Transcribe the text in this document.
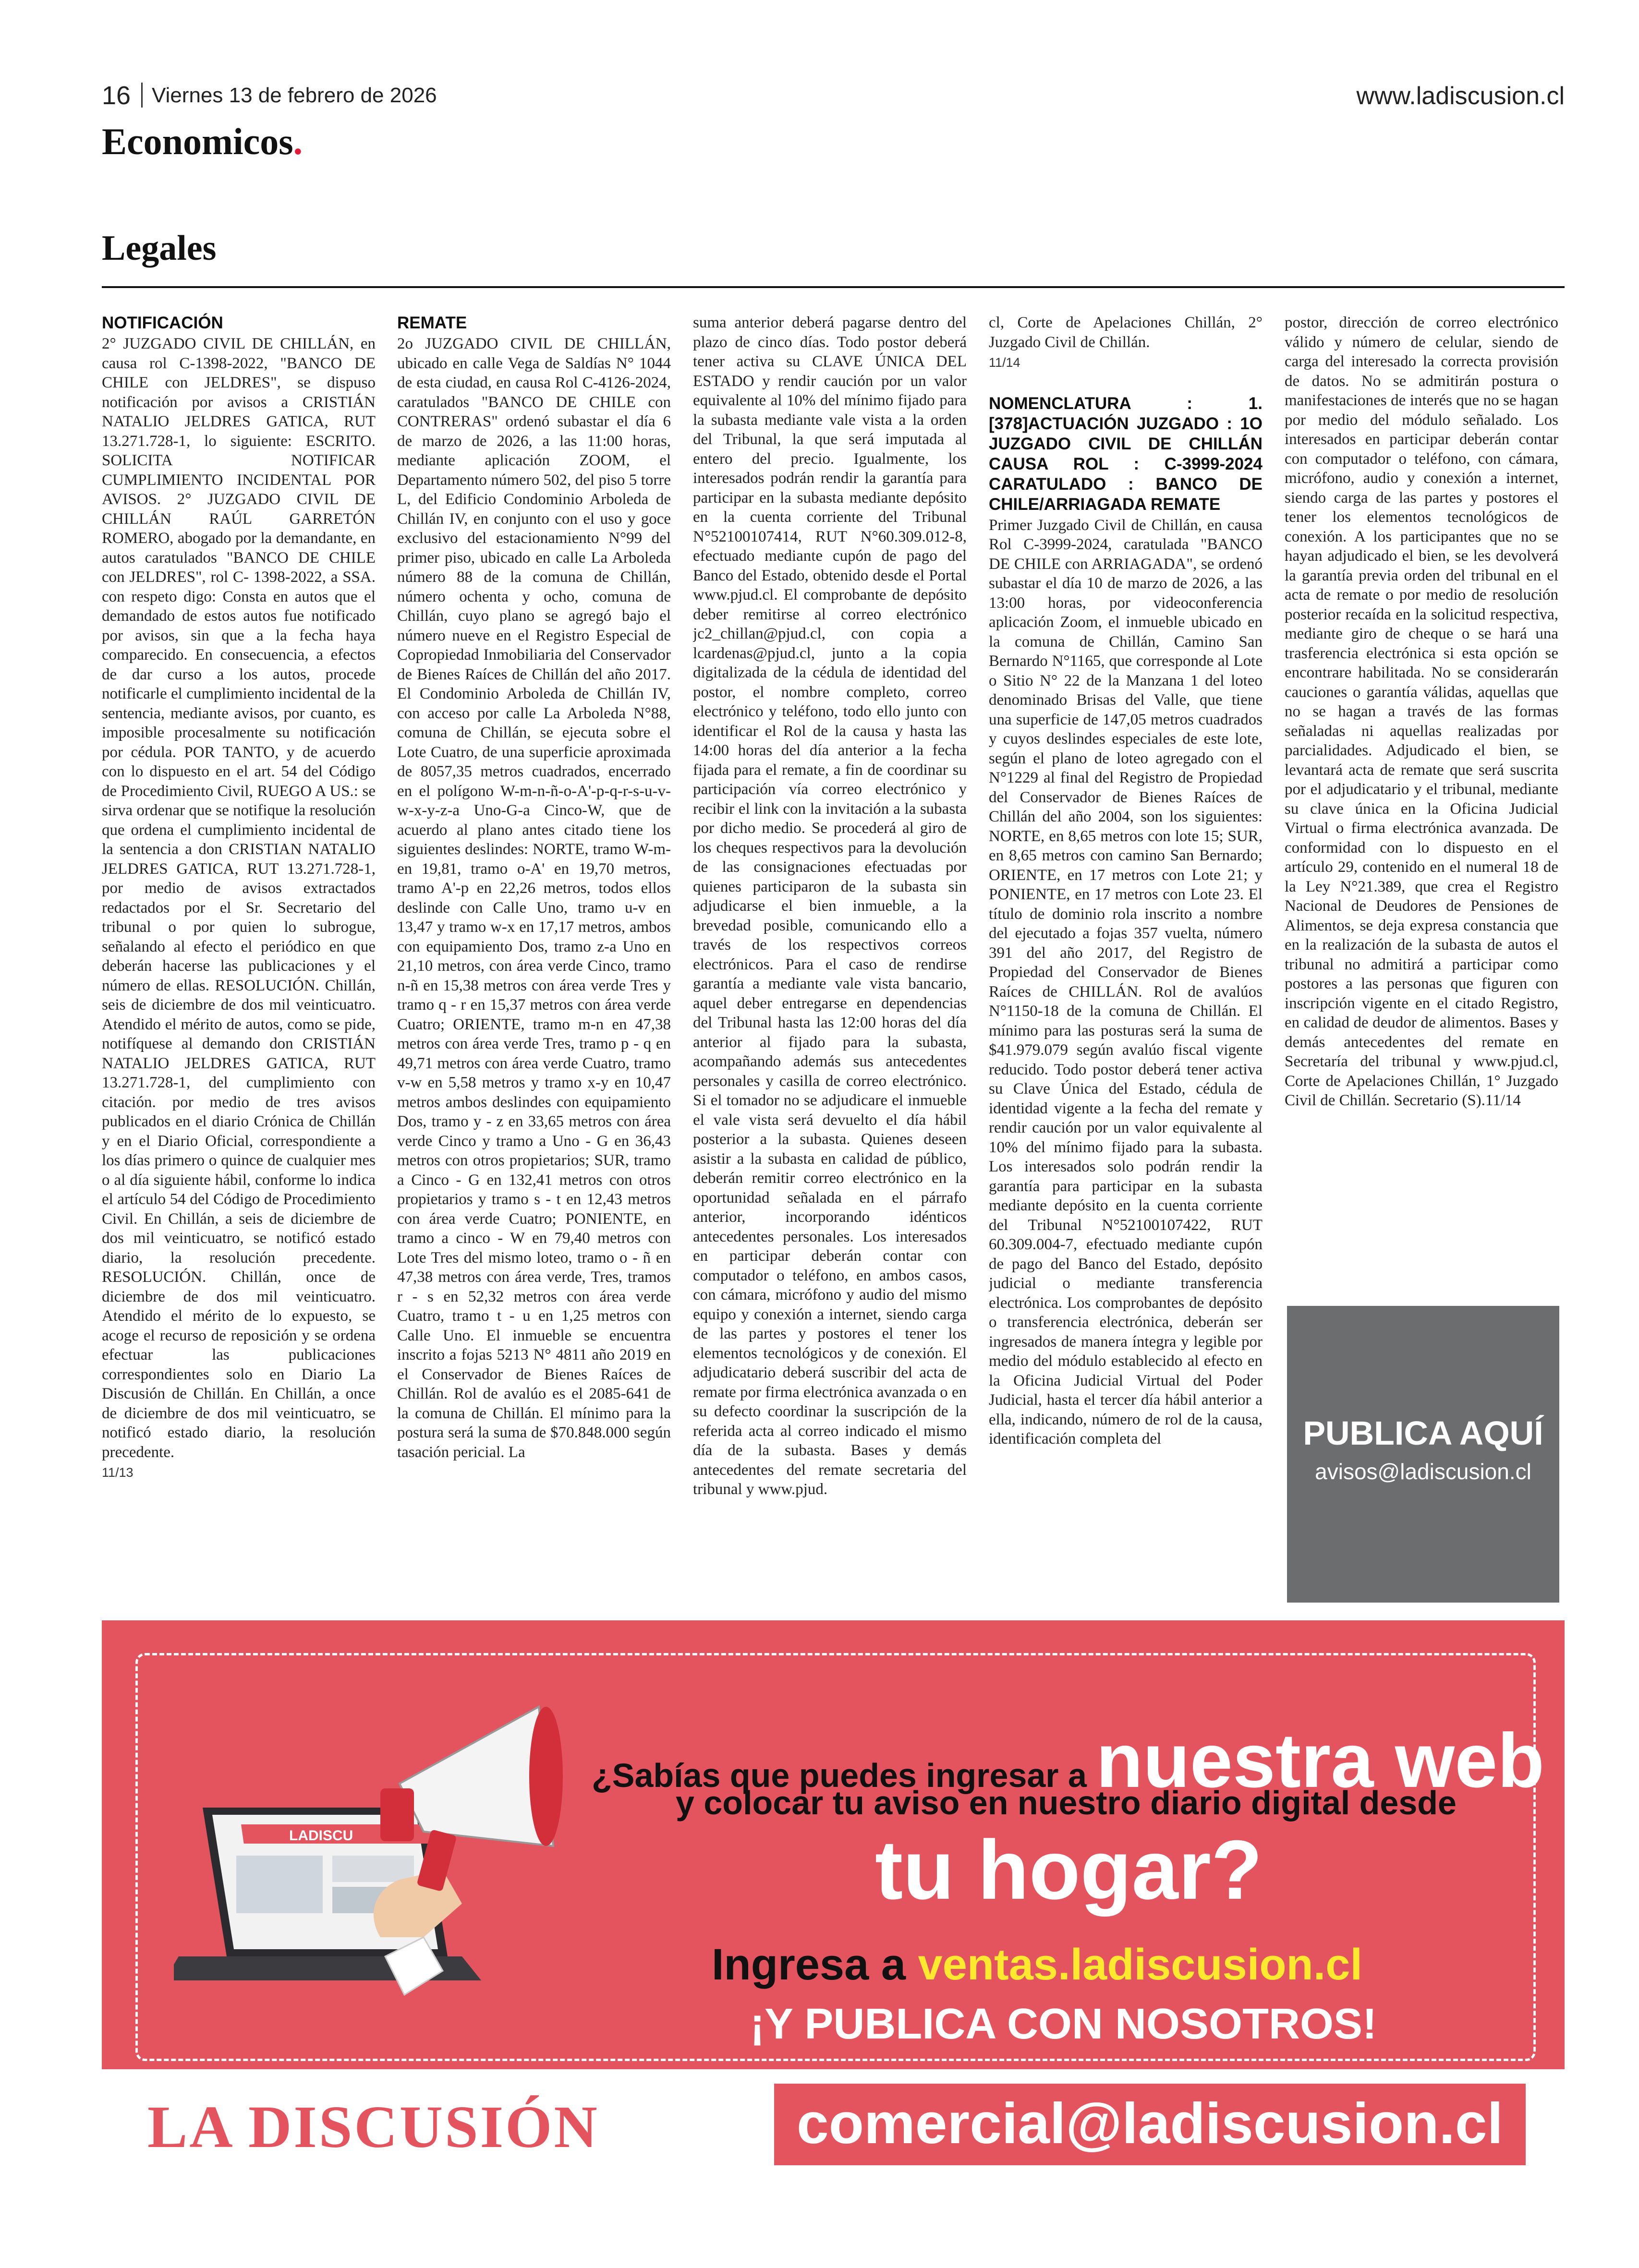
16 Viernes 13 de febrero de 2026	www.ladiscusion.cl
Economicos.
Legales

NOTIFICACIÓN

2° JUZGADO CIVIL DE CHILLÁN, en causa rol C-1398-2022, "BANCO DE CHILE con JELDRES", se dispuso notificación por avisos a CRISTIÁN NATALIO JELDRES GATICA, RUT 13.271.728-1, lo siguiente: ESCRITO. SOLICITA NOTIFICAR CUMPLIMIENTO INCIDENTAL POR AVISOS. 2° JUZGADO CIVIL DE CHILLÁN RAÚL GARRETÓN ROMERO, abogado por la demandante, en autos caratulados "BANCO DE CHILE con JELDRES", rol C- 1398-2022, a SSA. con respeto digo: Consta en autos que el demandado de estos autos fue notificado por avisos, sin que a la fecha haya comparecido. En consecuencia, a efectos de dar curso a los autos, procede notificarle el cumplimiento incidental de la sentencia, mediante avisos, por cuanto, es imposible procesalmente su notificación por cédula. POR TANTO, y de acuerdo con lo dispuesto en el art. 54 del Código de Procedimiento Civil, RUEGO A US.: se sirva ordenar que se notifique la resolución que ordena el cumplimiento incidental de la sentencia a don CRISTIAN NATALIO JELDRES GATICA, RUT 13.271.728-1, por medio de avisos extractados redactados por el Sr. Secretario del tribunal o por quien lo subrogue, señalando al efecto el periódico en que deberán hacerse las publicaciones y el número de ellas. RESOLUCIÓN. Chillán, seis de diciembre de dos mil veinticuatro. Atendido el mérito de autos, como se pide, notifíquese al demando don CRISTIÁN NATALIO JELDRES GATICA, RUT 13.271.728-1, del cumplimiento con citación. por medio de tres avisos publicados en el diario Crónica de Chillán y en el Diario Oficial, correspondiente a los días primero o quince de cualquier mes o al día siguiente hábil, conforme lo indica el artículo 54 del Código de Procedimiento Civil. En Chillán, a seis de diciembre de dos mil veinticuatro, se notificó estado diario, la resolución precedente. RESOLUCIÓN. Chillán, once de diciembre de dos mil veinticuatro. Atendido el mérito de lo expuesto, se acoge el recurso de reposición y se ordena efectuar las publicaciones correspondientes solo en Diario La Discusión de Chillán. En Chillán, a once de diciembre de dos mil veinticuatro, se notificó estado diario, la resolución precedente.

11/13

REMATE

2o JUZGADO CIVIL DE CHILLÁN, ubicado en calle Vega de Saldías N° 1044 de esta ciudad, en causa Rol C-4126-2024, caratulados "BANCO DE CHILE con CONTRERAS" ordenó subastar el día 6 de marzo de 2026, a las 11:00 horas, mediante aplicación ZOOM, el Departamento número 502, del piso 5 torre L, del Edificio Condominio Arboleda de Chillán IV, en conjunto con el uso y goce exclusivo del estacionamiento N°99 del primer piso, ubicado en calle La Arboleda número 88 de la comuna de Chillán, número ochenta y ocho, comuna de Chillán, cuyo plano se agregó bajo el número nueve en el Registro Especial de Copropiedad Inmobiliaria del Conservador de Bienes Raíces de Chillán del año 2017. El Condominio Arboleda de Chillán IV, con acceso por calle La Arboleda N°88, comuna de Chillán, se ejecuta sobre el Lote Cuatro, de una superficie aproximada de 8057,35 metros cuadrados, encerrado en el polígono W-m-n-ñ-o-A'-p-q-r-s-u-v-w-x-y-z-a Uno-G-a Cinco-W, que de acuerdo al plano antes citado tiene los siguientes deslindes: NORTE, tramo W-m- en 19,81, tramo o-A' en 19,70 metros, tramo A'-p en 22,26 metros, todos ellos deslinde con Calle Uno, tramo u-v en 13,47 y tramo w-x en 17,17 metros, ambos con equipamiento Dos, tramo z-a Uno en 21,10 metros, con área verde Cinco, tramo n-ñ en 15,38 metros con área verde Tres y tramo q - r en 15,37 metros con área verde Cuatro; ORIENTE, tramo m-n en 47,38 metros con área verde Tres, tramo p - q en 49,71 metros con área verde Cuatro, tramo v-w en 5,58 metros y tramo x-y en 10,47 metros ambos deslindes con equipamiento Dos, tramo y - z en 33,65 metros con área verde Cinco y tramo a Uno - G en 36,43 metros con otros propietarios; SUR, tramo a Cinco - G en 132,41 metros con otros propietarios y tramo s - t en 12,43 metros con área verde Cuatro; PONIENTE, en tramo a cinco - W en 79,40 metros con Lote Tres del mismo loteo, tramo o - ñ en 47,38 metros con área verde, Tres, tramos r - s en 52,32 metros con área verde Cuatro, tramo t - u en 1,25 metros con Calle Uno. El inmueble se encuentra inscrito a fojas 5213 N° 4811 año 2019 en el Conservador de Bienes Raíces de Chillán. Rol de avalúo es el 2085-641 de la comuna de Chillán. El mínimo para la postura será la suma de $70.848.000 según tasación pericial. La

suma anterior deberá pagarse dentro del plazo de cinco días. Todo postor deberá tener activa su CLAVE ÚNICA DEL ESTADO y rendir caución por un valor equivalente al 10% del mínimo fijado para la subasta mediante vale vista a la orden del Tribunal, la que será imputada al entero del precio. Igualmente, los interesados podrán rendir la garantía para participar en la subasta mediante depósito en la cuenta corriente del Tribunal N°52100107414, RUT N°60.309.012-8, efectuado mediante cupón de pago del Banco del Estado, obtenido desde el Portal www.pjud.cl. El comprobante de depósito deber remitirse al correo electrónico jc2_chillan@pjud.cl, con copia a lcardenas@pjud.cl, junto a la copia digitalizada de la cédula de identidad del postor, el nombre completo, correo electrónico y teléfono, todo ello junto con identificar el Rol de la causa y hasta las 14:00 horas del día anterior a la fecha fijada para el remate, a fin de coordinar su participación vía correo electrónico y recibir el link con la invitación a la subasta por dicho medio. Se procederá al giro de los cheques respectivos para la devolución de las consignaciones efectuadas por quienes participaron de la subasta sin adjudicarse el bien inmueble, a la brevedad posible, comunicando ello a través de los respectivos correos electrónicos. Para el caso de rendirse garantía a mediante vale vista bancario, aquel deber entregarse en dependencias del Tribunal hasta las 12:00 horas del día anterior al fijado para la subasta, acompañando además sus antecedentes personales y casilla de correo electrónico. Si el tomador no se adjudicare el inmueble el vale vista será devuelto el día hábil posterior a la subasta. Quienes deseen asistir a la subasta en calidad de público, deberán remitir correo electrónico en la oportunidad señalada en el párrafo anterior, incorporando idénticos antecedentes personales. Los interesados en participar deberán contar con computador o teléfono, en ambos casos, con cámara, micrófono y audio del mismo equipo y conexión a internet, siendo carga de las partes y postores el tener los elementos tecnológicos y de conexión. El adjudicatario deberá suscribir del acta de remate por firma electrónica avanzada o en su defecto coordinar la suscripción de la referida acta al correo indicado el mismo día de la subasta. Bases y demás antecedentes del remate secretaria del tribunal y www.pjud.

cl, Corte de Apelaciones Chillán, 2° Juzgado Civil de Chillán.

11/14

NOMENCLATURA : 1. [378]ACTUACIÓN JUZGADO : 1O JUZGADO CIVIL DE CHILLÁN CAUSA ROL : C-3999-2024 CARATULADO : BANCO DE CHILE/ARRIAGADA REMATE

Primer Juzgado Civil de Chillán, en causa Rol C-3999-2024, caratulada "BANCO DE CHILE con ARRIAGADA", se ordenó subastar el día 10 de marzo de 2026, a las 13:00 horas, por videoconferencia aplicación Zoom, el inmueble ubicado en la comuna de Chillán, Camino San Bernardo N°1165, que corresponde al Lote o Sitio N° 22 de la Manzana 1 del loteo denominado Brisas del Valle, que tiene una superficie de 147,05 metros cuadrados y cuyos deslindes especiales de este lote, según el plano de loteo agregado con el N°1229 al final del Registro de Propiedad del Conservador de Bienes Raíces de Chillán del año 2004, son los siguientes: NORTE, en 8,65 metros con lote 15; SUR, en 8,65 metros con camino San Bernardo; ORIENTE, en 17 metros con Lote 21; y PONIENTE, en 17 metros con Lote 23. El título de dominio rola inscrito a nombre del ejecutado a fojas 357 vuelta, número 391 del año 2017, del Registro de Propiedad del Conservador de Bienes Raíces de CHILLÁN. Rol de avalúos N°1150-18 de la comuna de Chillán. El mínimo para las posturas será la suma de $41.979.079 según avalúo fiscal vigente reducido. Todo postor deberá tener activa su Clave Única del Estado, cédula de identidad vigente a la fecha del remate y rendir caución por un valor equivalente al 10% del mínimo fijado para la subasta. Los interesados solo podrán rendir la garantía para participar en la subasta mediante depósito en la cuenta corriente del Tribunal N°52100107422, RUT 60.309.004-7, efectuado mediante cupón de pago del Banco del Estado, depósito judicial o mediante transferencia electrónica. Los comprobantes de depósito o transferencia electrónica, deberán ser ingresados de manera íntegra y legible por medio del módulo establecido al efecto en la Oficina Judicial Virtual del Poder Judicial, hasta el tercer día hábil anterior a ella, indicando, número de rol de la causa, identificación completa del

postor, dirección de correo electrónico válido y número de celular, siendo de carga del interesado la correcta provisión de datos. No se admitirán postura o manifestaciones de interés que no se hagan por medio del módulo señalado. Los interesados en participar deberán contar con computador o teléfono, con cámara, micrófono, audio y conexión a internet, siendo carga de las partes y postores el tener los elementos tecnológicos de conexión. A los participantes que no se hayan adjudicado el bien, se les devolverá la garantía previa orden del tribunal en el acta de remate o por medio de resolución posterior recaída en la solicitud respectiva, mediante giro de cheque o se hará una trasferencia electrónica si esta opción se encontrare habilitada. No se considerarán cauciones o garantía válidas, aquellas que no se hagan a través de las formas señaladas ni aquellas realizadas por parcialidades. Adjudicado el bien, se levantará acta de remate que será suscrita por el adjudicatario y el tribunal, mediante su clave única en la Oficina Judicial Virtual o firma electrónica avanzada. De conformidad con lo dispuesto en el artículo 29, contenido en el numeral 18 de la Ley N°21.389, que crea el Registro Nacional de Deudores de Pensiones de Alimentos, se deja expresa constancia que en la realización de la subasta de autos el tribunal no admitirá a participar como postores a las personas que figuren con inscripción vigente en el citado Registro, en calidad de deudor de alimentos. Bases y demás antecedentes del remate en Secretaría del tribunal y www.pjud.cl, Corte de Apelaciones Chillán, 1° Juzgado Civil de Chillán. Secretario (S).11/14

PUBLICA AQUÍ
avisos@ladiscusion.cl
LADISCU
¿Sabías que puedes ingresar a nuestra web
y colocar tu aviso en nuestro diario digital desde
tu hogar?
Ingresa a ventas.ladiscusion.cl
¡Y PUBLICA CON NOSOTROS!
LA DISCUSIÓN	comercial@ladiscusion.cl
